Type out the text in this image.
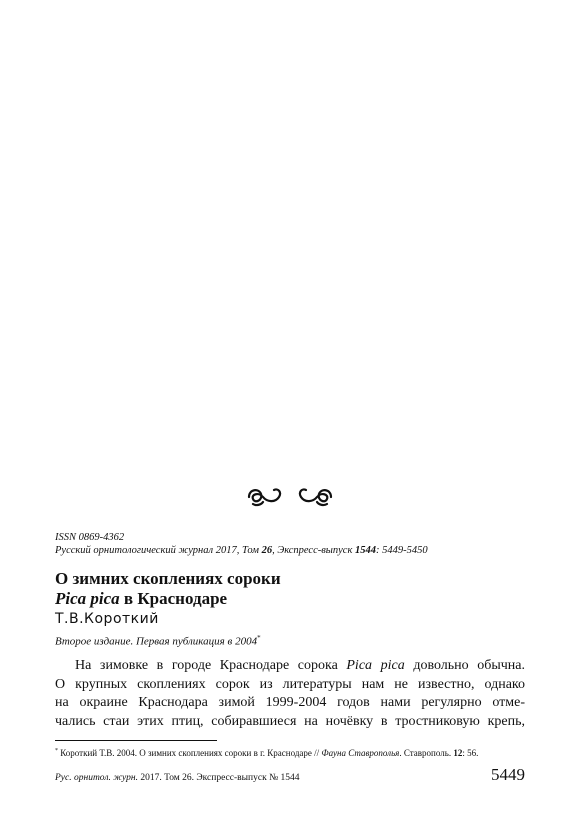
ISSN 0869-4362
Русский орнитологический журнал 2017, Том 26, Экспресс-выпуск 1544: 5449-5450
О зимних скоплениях сороки
Pica pica в Краснодаре
Т.В.Короткий
Второе издание. Первая публикация в 2004*
На зимовке в городе Краснодаре сорока Pica pica довольно обычна.
О крупных скоплениях сорок из литературы нам не известно, однако
на окраине Краснодара зимой 1999-2004 годов нами регулярно отме-
чались стаи этих птиц, собиравшиеся на ночёвку в тростниковую крепь,
* Короткий Т.В. 2004. О зимних скоплениях сороки в г. Краснодаре // Фауна Ставрополья. Ставрополь. 12: 56.
Рус. орнитол. журн. 2017. Том 26. Экспресс-выпуск № 1544	5449
